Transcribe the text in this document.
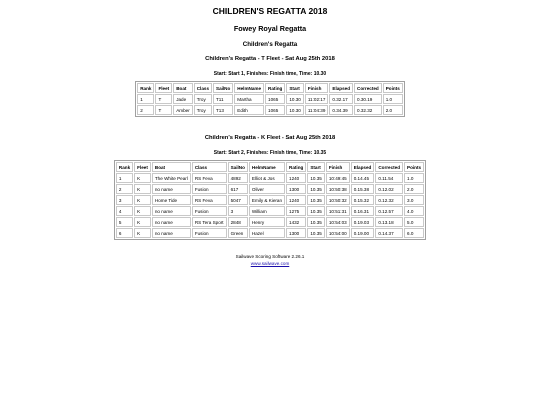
CHILDREN'S REGATTA 2018
Fowey Royal Regatta
Children's Regatta
Children's Regatta - T Fleet - Sat Aug 25th 2018
Start: Start 1, Finishes: Finish time, Time: 10.30
Rank	Fleet	Boat	Class	SailNo	HelmName	Rating	Start	Finish	Elapsed	Corrected	Points
1	T	Jade	Troy	T11	Martha	1065	10.30	11:02:17	0.32.17	0.30.19	1.0
2	T	Amber	Troy	T13	Edith	1065	10.30	11:04:39	0.34.39	0.32.32	2.0
Children's Regatta - K Fleet - Sat Aug 25th 2018
Start: Start 2, Finishes: Finish time, Time: 10.35
Rank	Fleet	Boat	Class	SailNo	HelmName	Rating	Start	Finish	Elapsed	Corrected	Points
1	K	The White Pearl	RS Feva	4892	Elliot & Jos	1240	10.35	10:49:45	0.14.45	0.11.54	1.0
2	K	no name	Fusion	617	Oliver	1300	10.35	10:50:38	0.15.38	0.12.02	2.0
3	K	Home Tide	RS Feva	5047	Emily & Kieran	1240	10.35	10:50:32	0.15.32	0.12.32	3.0
4	K	no name	Fusion	3	William	1275	10.35	10:51:31	0.16.31	0.12.57	4.0
5	K	no name	RS Tera Sport	2848	Henry	1432	10.35	10:54:03	0.19.03	0.13.18	5.0
6	K	no name	Fusion	Green	Hazel	1300	10.35	10:54:00	0.19.00	0.14.37	6.0
Sailwave Scoring Software 2.26.1
www.sailwave.com
